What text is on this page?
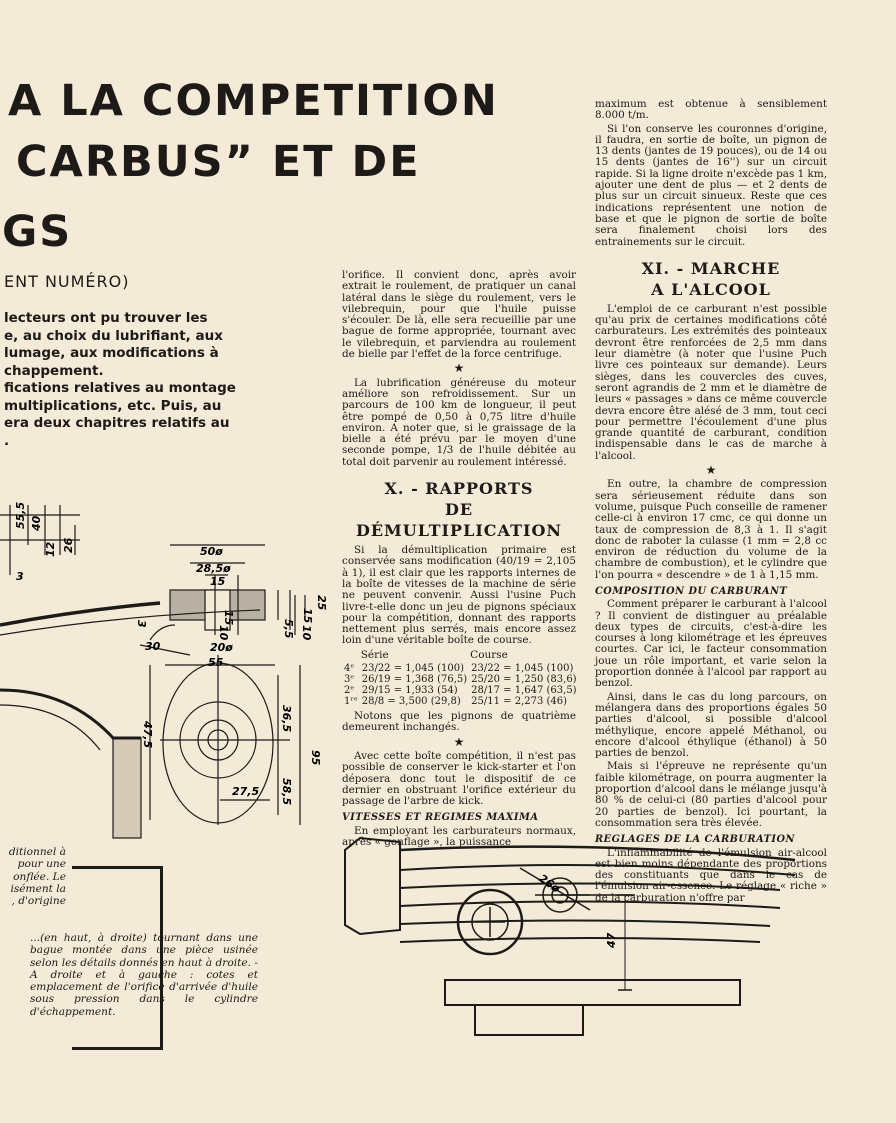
A LA COMPETITION
CARBUS” ET DE
GS
ENT NUMÉRO)
lecteurs ont pu trouver les
e, au choix du lubrifiant, aux
lumage, aux modifications à
chappement.
fications relatives au montage
multiplications, etc. Puis, au
era deux chapitres relatifs au
.

l'orifice. Il convient donc, après avoir extrait le roulement, de pratiquer un canal latéral dans le siège du roulement, vers le vilebrequin, pour que l'huile puisse s'écouler. De là, elle sera recueillie par une bague de forme appropriée, tournant avec le vilebrequin, et parviendra au roulement de bielle par l'effet de la force centrifuge.

★

La lubrification généreuse du moteur améliore son refroidissement. Sur un parcours de 100 km de longueur, il peut être pompé de 0,50 à 0,75 litre d'huile environ. A noter que, si le graissage de la bielle a été prévu par le moyen d'une seconde pompe, 1/3 de l'huile débitée au total doit parvenir au roulement intéressé.

X. - RAPPORTS
DE DÉMULTIPLICATION

Si la démultiplication primaire est conservée sans modification (40/19 = 2,105 à 1), il est clair que les rapports internes de la boîte de vitesses de la machine de série ne peuvent convenir. Aussi l'usine Puch livre-t-elle donc un jeu de pignons spéciaux pour la compétition, donnant des rapports nettement plus serrés, mais encore assez loin d'une véritable boîte de course.

	Série	Course
4ᵉ	23/22 = 1,045 (100)	23/22 = 1,045 (100)
3ᵉ	26/19 = 1,368 (76,5)	25/20 = 1,250 (83,6)
2ᵉ	29/15 = 1,933 (54)	28/17 = 1,647 (63,5)
1ʳᵉ	28/8 = 3,500 (29,8)	25/11 = 2,273 (46)

Notons que les pignons de quatrième demeurent inchangés.

★

Avec cette boîte compétition, il n'est pas possible de conserver le kick-starter et l'on déposera donc tout le dispositif de ce dernier en obstruant l'orifice extérieur du passage de l'arbre de kick.

VITESSES ET REGIMES MAXIMA

En employant les carburateurs normaux, après « gonflage », la puissance

maximum est obtenue à sensiblement 8.000 t/m.

Si l'on conserve les couronnes d'origine, il faudra, en sortie de boîte, un pignon de 13 dents (jantes de 19 pouces), ou de 14 ou 15 dents (jantes de 16'') sur un circuit rapide. Si la ligne droite n'excède pas 1 km, ajouter une dent de plus — et 2 dents de plus sur un circuit sinueux. Reste que ces indications représentent une notion de base et que le pignon de sortie de boîte sera finalement choisi lors des entrainements sur le circuit.

XI. - MARCHE
A L'ALCOOL

L'emploi de ce carburant n'est possible qu'au prix de certaines modifications côté carburateurs. Les extrémités des pointeaux devront être renforcées de 2,5 mm dans leur diamètre (à noter que l'usine Puch livre ces pointeaux sur demande). Leurs sièges, dans les couvercles des cuves, seront agrandis de 2 mm et le diamètre de leurs « passages » dans ce même couvercle devra encore être alésé de 3 mm, tout ceci pour permettre l'écoulement d'une plus grande quantité de carburant, condition indispensable dans le cas de marche à l'alcool.

★

En outre, la chambre de compression sera sérieusement réduite dans son volume, puisque Puch conseille de ramener celle-ci à environ 17 cmc, ce qui donne un taux de compression de 8,3 à 1. Il s'agit donc de raboter la culasse (1 mm = 2,8 cc environ de réduction du volume de la chambre de combustion), et le cylindre que l'on pourra « descendre » de 1 à 1,15 mm.

COMPOSITION DU CARBURANT

Comment préparer le carburant à l'alcool ? Il convient de distinguer au préalable deux types de circuits, c'est-à-dire les courses à long kilométrage et les épreuves courtes. Car ici, le facteur consommation joue un rôle important, et varie selon la proportion donnée à l'alcool par rapport au benzol.

Ainsi, dans le cas du long parcours, on mélangera dans des proportions égales 50 parties d'alcool, si possible d'alcool méthylique, encore appelé Méthanol, ou encore d'alcool éthylique (éthanol) à 50 parties de benzol.

Mais si l'épreuve ne représente qu'un faible kilométrage, on pourra augmenter la proportion d'alcool dans le mélange jusqu'à 80 % de celui-ci (80 parties d'alcool pour 20 parties de benzol). Ici pourtant, la consommation sera très élevée.

REGLAGES DE LA CARBURATION

L'inflammabilité de l'émulsion air-alcool est bien moins dépendante des proportions des constituants que dans le cas de l'émulsion air-essence. Le réglage « riche » de la carburation n'offre par

55,5 40
12 26
3
50ø
28,5ø
15
15
10
15
10
25
5,5
20ø
3
30
55
47,5
36,5
95
58,5
27,5
ditionnel à
pour une
onflée. Le
isément la
, d'origine
...(en haut, à droite) tournant dans une bague montée dans une pièce usinée selon les détails donnés en haut à droite. - A droite et à gauche : cotes et emplacement de l'orifice d'arrivée d'huile sous pression dans le cylindre d'échappement.
26ø
47
